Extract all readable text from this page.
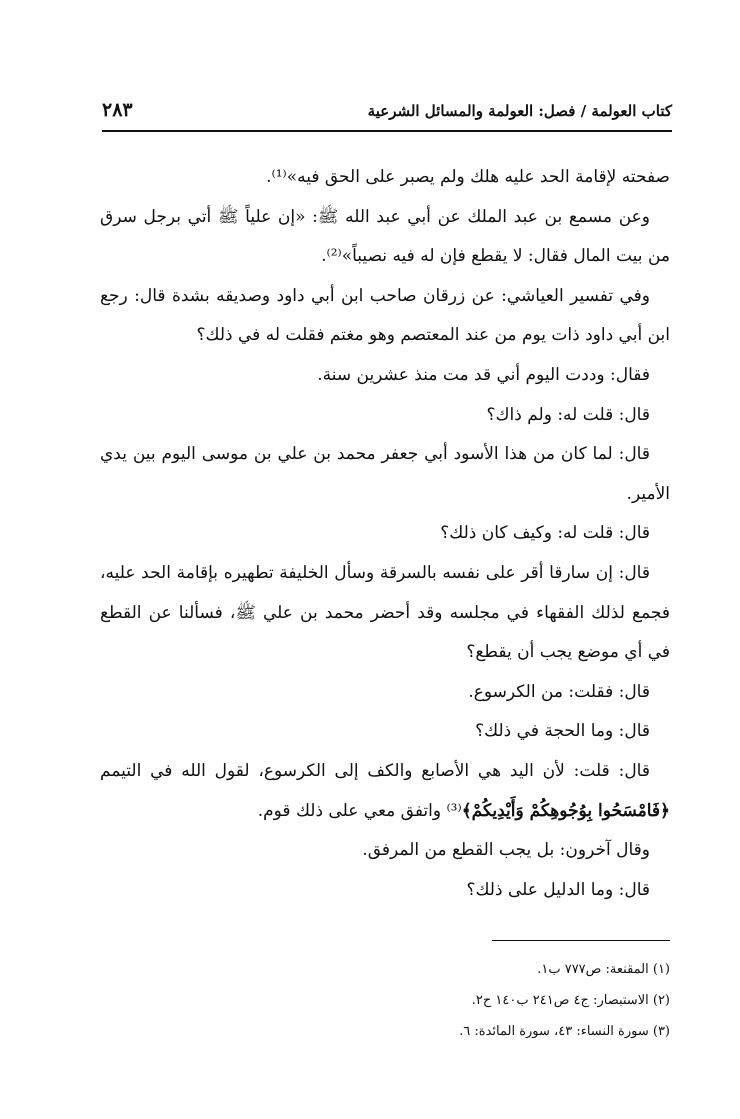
كتاب العولمة / فصل: العولمة والمسائل الشرعية
٢٨٣

صفحته لإقامة الحد عليه هلك ولم يصبر على الحق فيه»⁽¹⁾.

وعن مسمع بن عبد الملك عن أبي عبد الله ﷺ: «إن علياً ﷺ أتي برجل سرق من بيت المال فقال: لا يقطع فإن له فيه نصيباً»⁽²⁾.

وفي تفسير العياشي: عن زرقان صاحب ابن أبي داود وصديقه بشدة قال: رجع ابن أبي داود ذات يوم من عند المعتصم وهو مغتم فقلت له في ذلك؟

فقال: وددت اليوم أني قد مت منذ عشرين سنة.

قال: قلت له: ولم ذاك؟

قال: لما كان من هذا الأسود أبي جعفر محمد بن علي بن موسى اليوم بين يدي الأمير.

قال: قلت له: وكيف كان ذلك؟

قال: إن سارقا أقر على نفسه بالسرقة وسأل الخليفة تطهيره بإقامة الحد عليه، فجمع لذلك الفقهاء في مجلسه وقد أحضر محمد بن علي ﷺ، فسألنا عن القطع في أي موضع يجب أن يقطع؟

قال: فقلت: من الكرسوع.

قال: وما الحجة في ذلك؟

قال: قلت: لأن اليد هي الأصابع والكف إلى الكرسوع، لقول الله في التيمم ﴿فَامْسَحُوا بِوُجُوهِكُمْ وَأَيْدِيكُمْ﴾⁽³⁾ واتفق معي على ذلك قوم.

وقال آخرون: بل يجب القطع من المرفق.

قال: وما الدليل على ذلك؟

(١) المقنعة: ص٧٧٧ ب١.

(٢) الاستبصار: ج٤ ص٢٤١ ب١٤٠ ح٢.

(٣) سورة النساء: ٤٣، سورة المائدة: ٦.
